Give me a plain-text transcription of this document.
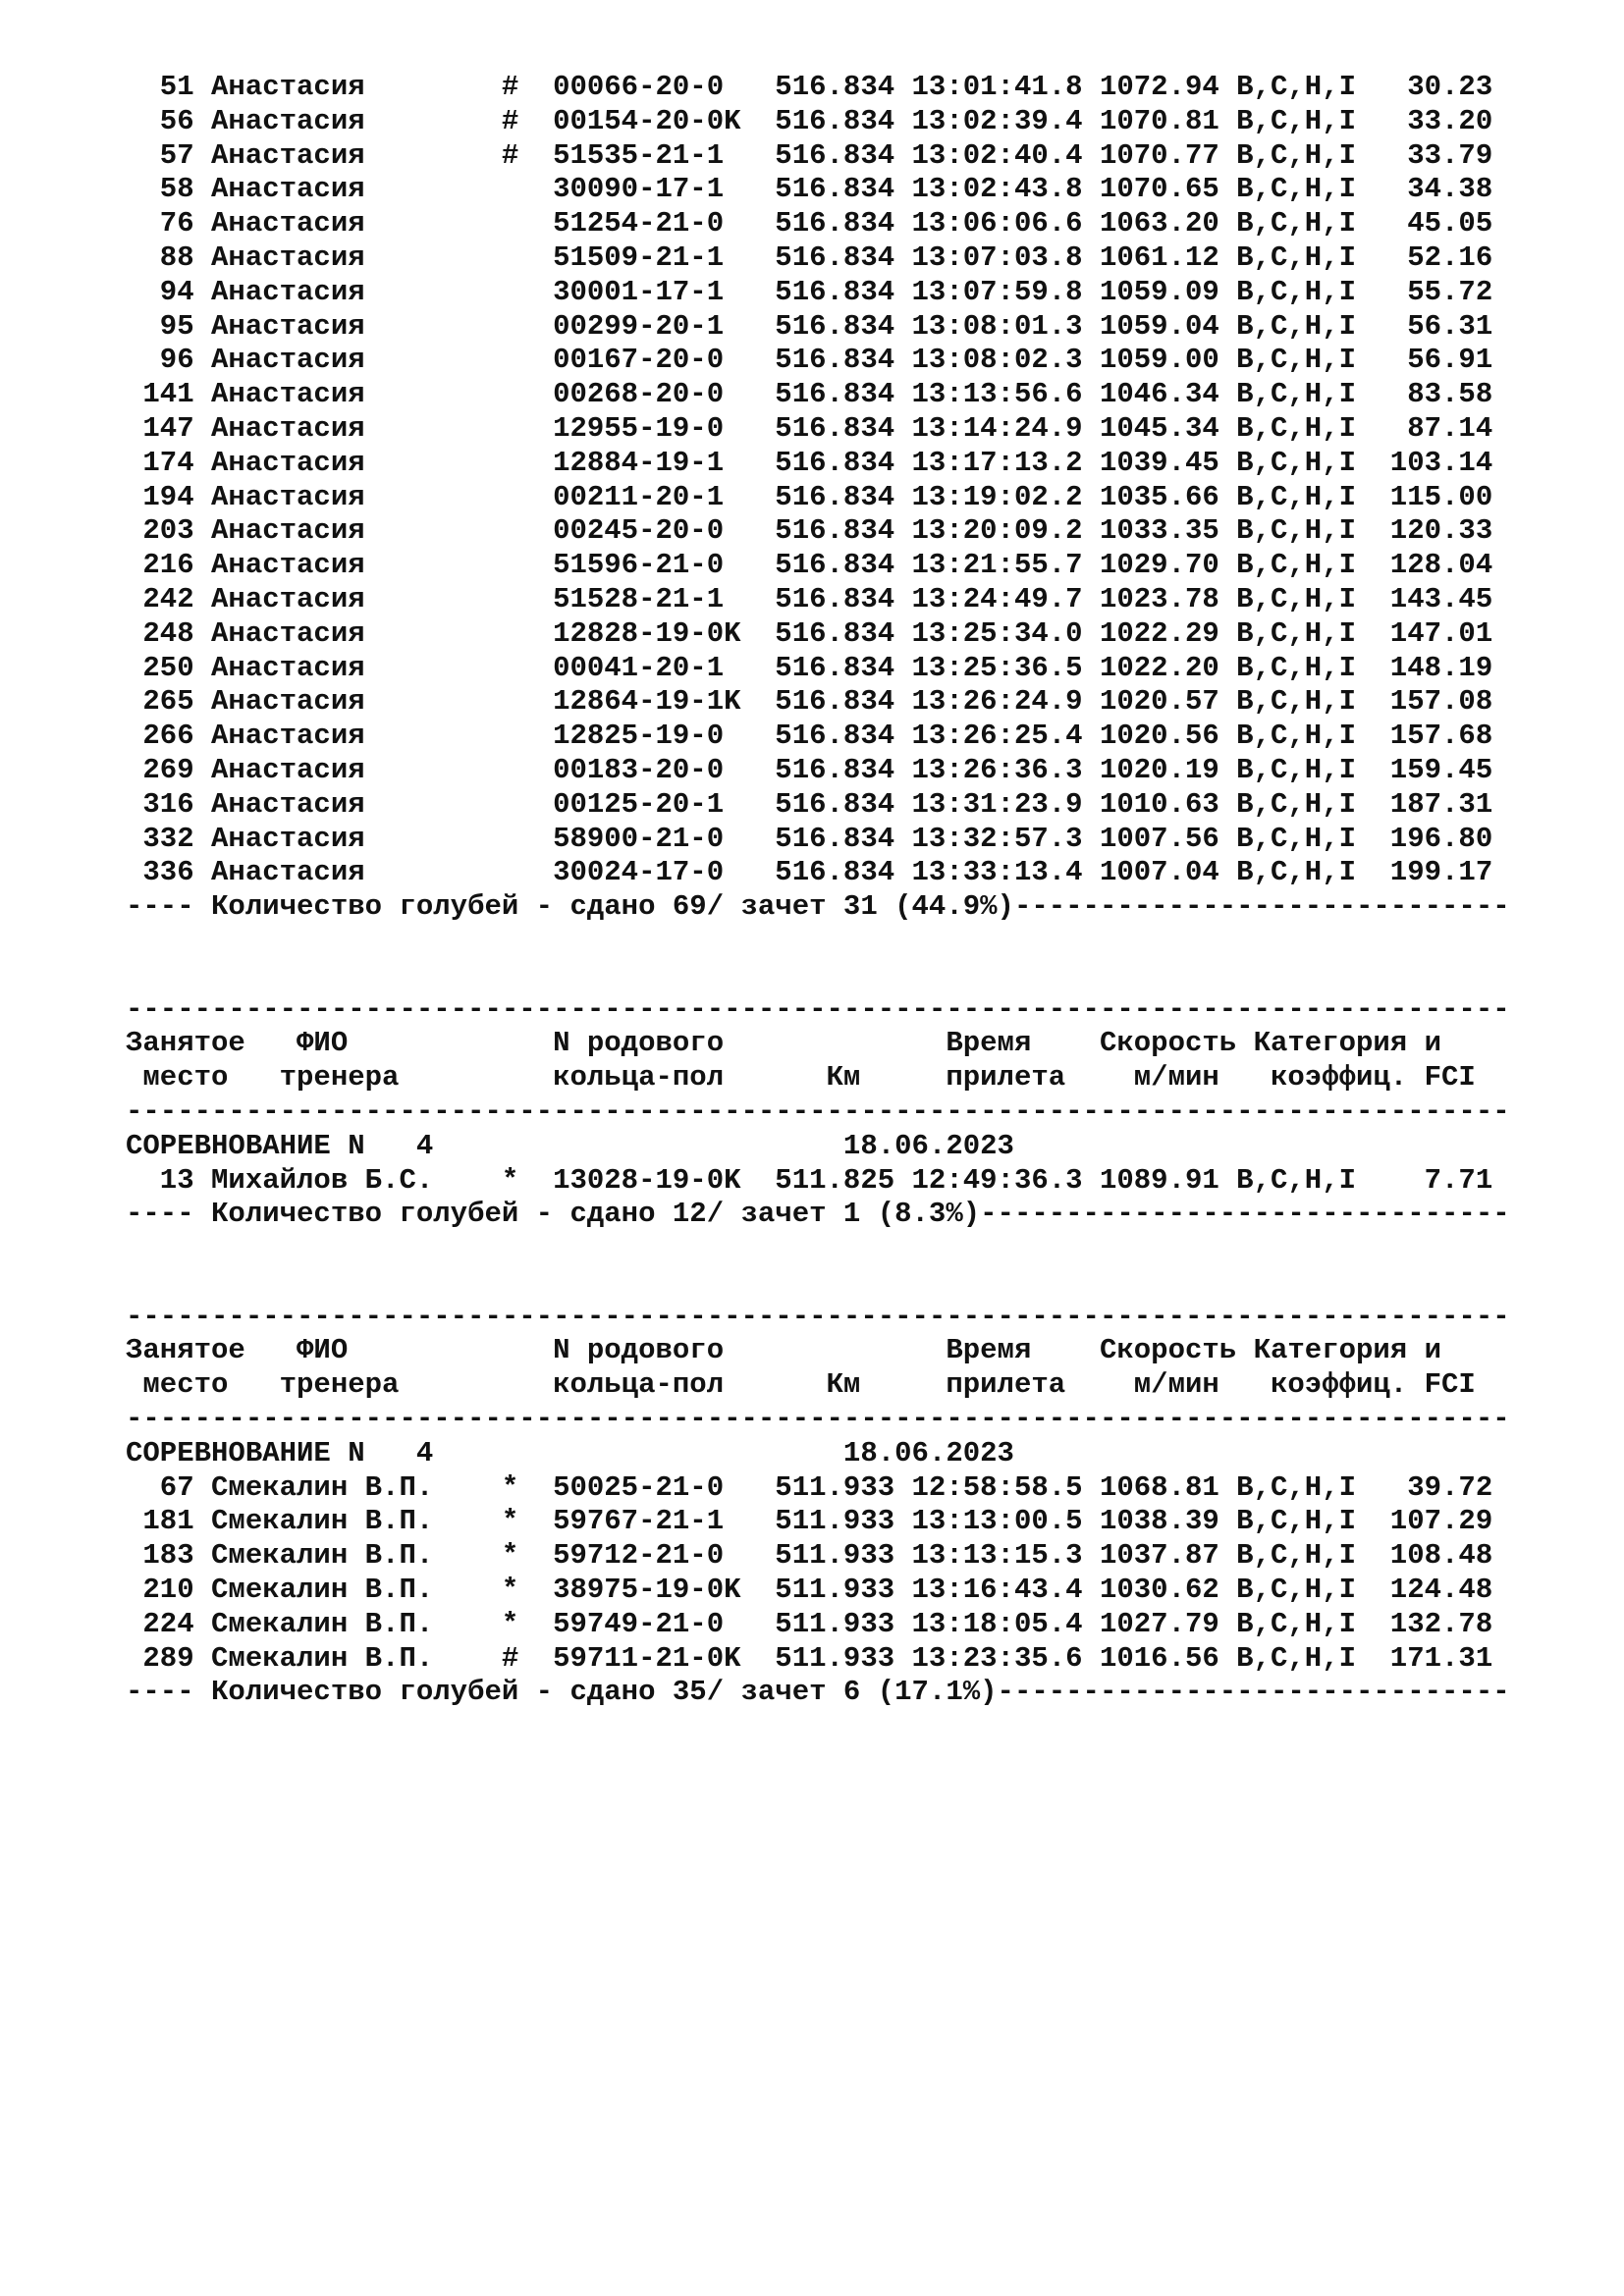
51 Анастасия        #  00066-20-0   516.834 13:01:41.8 1072.94 B,C,H,I   30.23
56 Анастасия        #  00154-20-0K  516.834 13:02:39.4 1070.81 B,C,H,I   33.20
57 Анастасия        #  51535-21-1   516.834 13:02:40.4 1070.77 B,C,H,I   33.79
58 Анастасия           30090-17-1   516.834 13:02:43.8 1070.65 B,C,H,I   34.38
76 Анастасия           51254-21-0   516.834 13:06:06.6 1063.20 B,C,H,I   45.05
88 Анастасия           51509-21-1   516.834 13:07:03.8 1061.12 B,C,H,I   52.16
94 Анастасия           30001-17-1   516.834 13:07:59.8 1059.09 B,C,H,I   55.72
95 Анастасия           00299-20-1   516.834 13:08:01.3 1059.04 B,C,H,I   56.31
96 Анастасия           00167-20-0   516.834 13:08:02.3 1059.00 B,C,H,I   56.91
141 Анастасия           00268-20-0   516.834 13:13:56.6 1046.34 B,C,H,I   83.58
147 Анастасия           12955-19-0   516.834 13:14:24.9 1045.34 B,C,H,I   87.14
174 Анастасия           12884-19-1   516.834 13:17:13.2 1039.45 B,C,H,I  103.14
194 Анастасия           00211-20-1   516.834 13:19:02.2 1035.66 B,C,H,I  115.00
203 Анастасия           00245-20-0   516.834 13:20:09.2 1033.35 B,C,H,I  120.33
216 Анастасия           51596-21-0   516.834 13:21:55.7 1029.70 B,C,H,I  128.04
242 Анастасия           51528-21-1   516.834 13:24:49.7 1023.78 B,C,H,I  143.45
248 Анастасия           12828-19-0K  516.834 13:25:34.0 1022.29 B,C,H,I  147.01
250 Анастасия           00041-20-1   516.834 13:25:36.5 1022.20 B,C,H,I  148.19
265 Анастасия           12864-19-1K  516.834 13:26:24.9 1020.57 B,C,H,I  157.08
266 Анастасия           12825-19-0   516.834 13:26:25.4 1020.56 B,C,H,I  157.68
269 Анастасия           00183-20-0   516.834 13:26:36.3 1020.19 B,C,H,I  159.45
316 Анастасия           00125-20-1   516.834 13:31:23.9 1010.63 B,C,H,I  187.31
332 Анастасия           58900-21-0   516.834 13:32:57.3 1007.56 B,C,H,I  196.80
336 Анастасия           30024-17-0   516.834 13:33:13.4 1007.04 B,C,H,I  199.17
---- Количество голубей - сдано 69/ зачет 31 (44.9%)-----------------------------
---------------------------------------------------------------------------------
Занятое   ФИО            N родового             Время    Скорость Категория и
место   тренера         кольца-пол      Км     прилета    м/мин   коэффиц. FCI
---------------------------------------------------------------------------------
СОРЕВНОВАНИЕ N   4                        18.06.2023
13 Михайлов Б.С.    *  13028-19-0K  511.825 12:49:36.3 1089.91 B,C,H,I    7.71
---- Количество голубей - сдано 12/ зачет 1 (8.3%)-------------------------------
---------------------------------------------------------------------------------
Занятое   ФИО            N родового             Время    Скорость Категория и
место   тренера         кольца-пол      Км     прилета    м/мин   коэффиц. FCI
---------------------------------------------------------------------------------
СОРЕВНОВАНИЕ N   4                        18.06.2023
67 Смекалин В.П.    *  50025-21-0   511.933 12:58:58.5 1068.81 B,C,H,I   39.72
181 Смекалин В.П.    *  59767-21-1   511.933 13:13:00.5 1038.39 B,C,H,I  107.29
183 Смекалин В.П.    *  59712-21-0   511.933 13:13:15.3 1037.87 B,C,H,I  108.48
210 Смекалин В.П.    *  38975-19-0K  511.933 13:16:43.4 1030.62 B,C,H,I  124.48
224 Смекалин В.П.    *  59749-21-0   511.933 13:18:05.4 1027.79 B,C,H,I  132.78
289 Смекалин В.П.    #  59711-21-0K  511.933 13:23:35.6 1016.56 B,C,H,I  171.31
---- Количество голубей - сдано 35/ зачет 6 (17.1%)------------------------------
